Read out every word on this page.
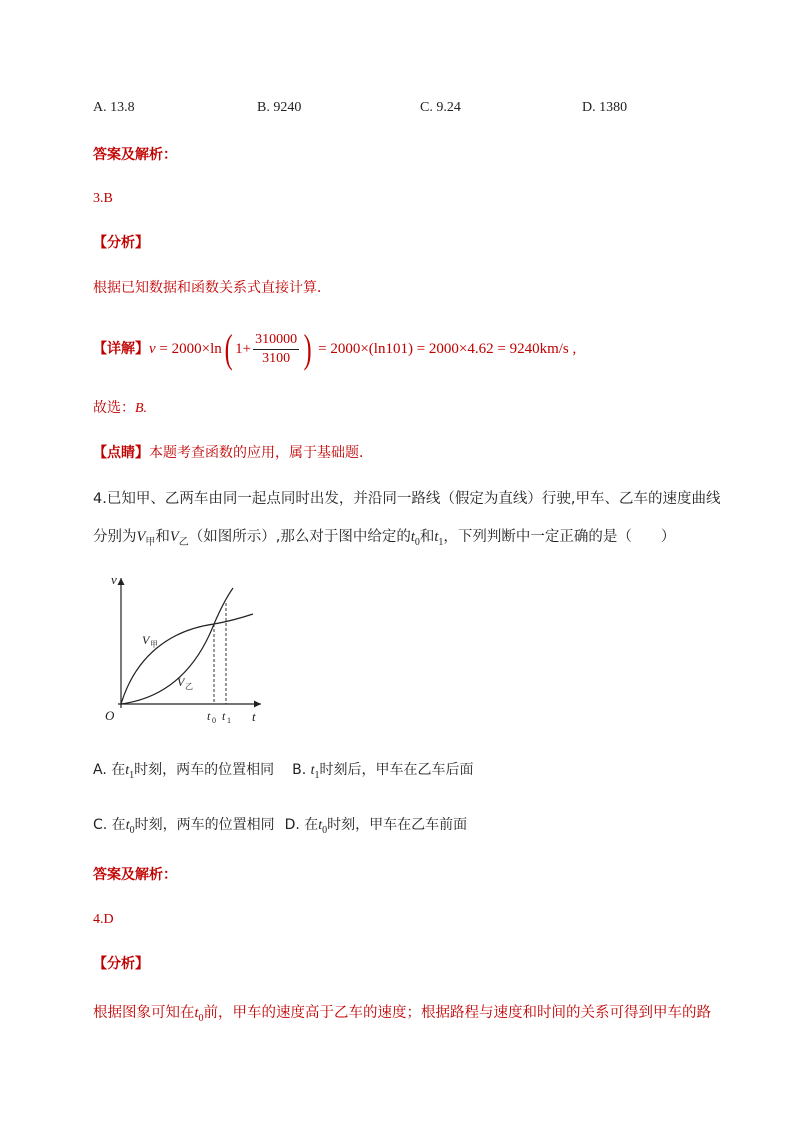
A. 13.8	B. 9240	C. 9.24	D. 1380
答案及解析：
3.B
【分析】
根据已知数据和函数关系式直接计算．
【详解】v = 2000×ln( $1+ \frac{310000}{3100}$ ) = 2000×(ln101) = 2000×4.62 = 9240km/s ,
故选：B.
【点睛】本题考查函数的应用，属于基础题．
4.已知甲、乙两车由同一起点同时出发，并沿同一路线（假定为直线）行驶,甲车、乙车的速度曲线
分别为$V_甲$和$V_乙$（如图所示）,那么对于图中给定的$t_0$和$t_1$，下列判断中一定正确的是（　　）
v
t
O
V 甲
V 乙
t 0 t 1
A. 在$t_1$时刻，两车的位置相同 B. $t_1$时刻后，甲车在乙车后面
C. 在$t_0$时刻，两车的位置相同 D. 在$t_0$时刻，甲车在乙车前面
答案及解析：
4.D
【分析】
根据图象可知在$t_0$前，甲车的速度高于乙车的速度；根据路程与速度和时间的关系可得到甲车的路
